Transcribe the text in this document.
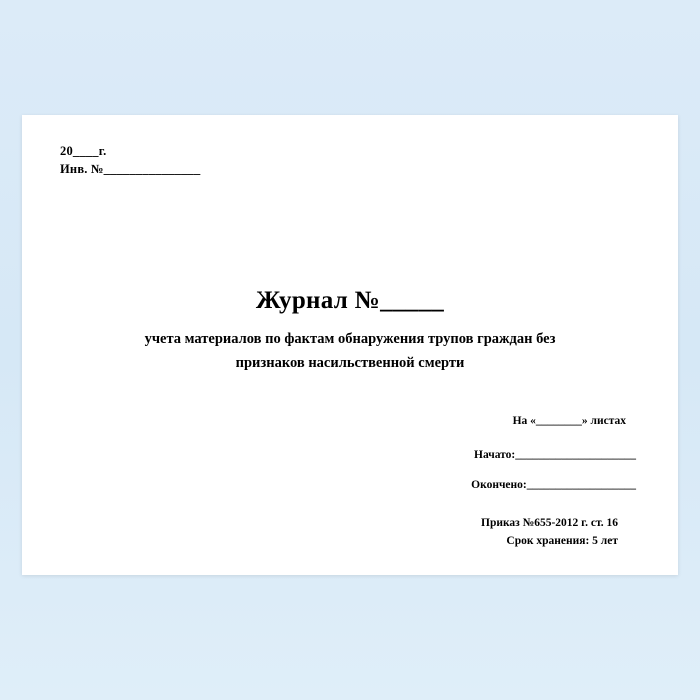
20____г.
Инв. №_______________
Журнал №_____
учета материалов по фактам обнаружения трупов граждан без
признаков насильственной смерти
На «________» листах
Начато:_____________________
Окончено:___________________
Приказ №655-2012 г. ст. 16
Срок хранения: 5 лет
